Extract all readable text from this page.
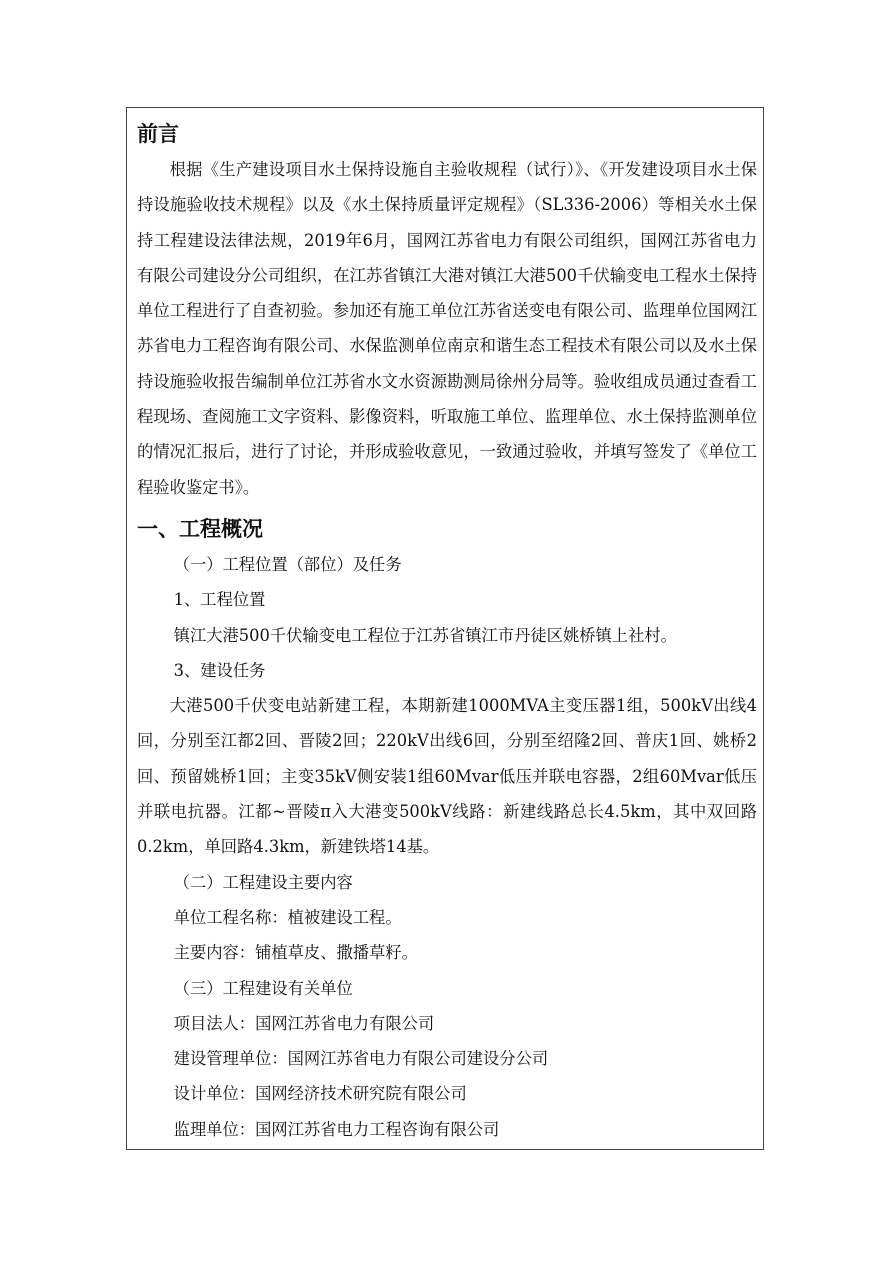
前言

根据《生产建设项目水土保持设施自主验收规程（试行）》、《开发建设项目水土保持设施验收技术规程》以及《水土保持质量评定规程》（SL336-2006）等相关水土保持工程建设法律法规，2019年6月，国网江苏省电力有限公司组织，国网江苏省电力有限公司建设分公司组织，在江苏省镇江大港对镇江大港500千伏输变电工程水土保持单位工程进行了自查初验。参加还有施工单位江苏省送变电有限公司、监理单位国网江苏省电力工程咨询有限公司、水保监测单位南京和谐生态工程技术有限公司以及水土保持设施验收报告编制单位江苏省水文水资源勘测局徐州分局等。验收组成员通过查看工程现场、查阅施工文字资料、影像资料，听取施工单位、监理单位、水土保持监测单位的情况汇报后，进行了讨论，并形成验收意见，一致通过验收，并填写签发了《单位工程验收鉴定书》。

一、工程概况

（一）工程位置（部位）及任务

1、工程位置

镇江大港500千伏输变电工程位于江苏省镇江市丹徒区姚桥镇上社村。

3、建设任务

大港500千伏变电站新建工程，本期新建1000MVA主变压器1组，500kV出线4回，分别至江都2回、晋陵2回；220kV出线6回，分别至绍隆2回、普庆1回、姚桥2回、预留姚桥1回；主变35kV侧安装1组60Mvar低压并联电容器，2组60Mvar低压并联电抗器。江都~晋陵π入大港变500kV线路：新建线路总长4.5km，其中双回路0.2km，单回路4.3km，新建铁塔14基。

（二）工程建设主要内容

单位工程名称：植被建设工程。

主要内容：铺植草皮、撒播草籽。

（三）工程建设有关单位

项目法人：国网江苏省电力有限公司

建设管理单位：国网江苏省电力有限公司建设分公司

设计单位：国网经济技术研究院有限公司

监理单位：国网江苏省电力工程咨询有限公司
